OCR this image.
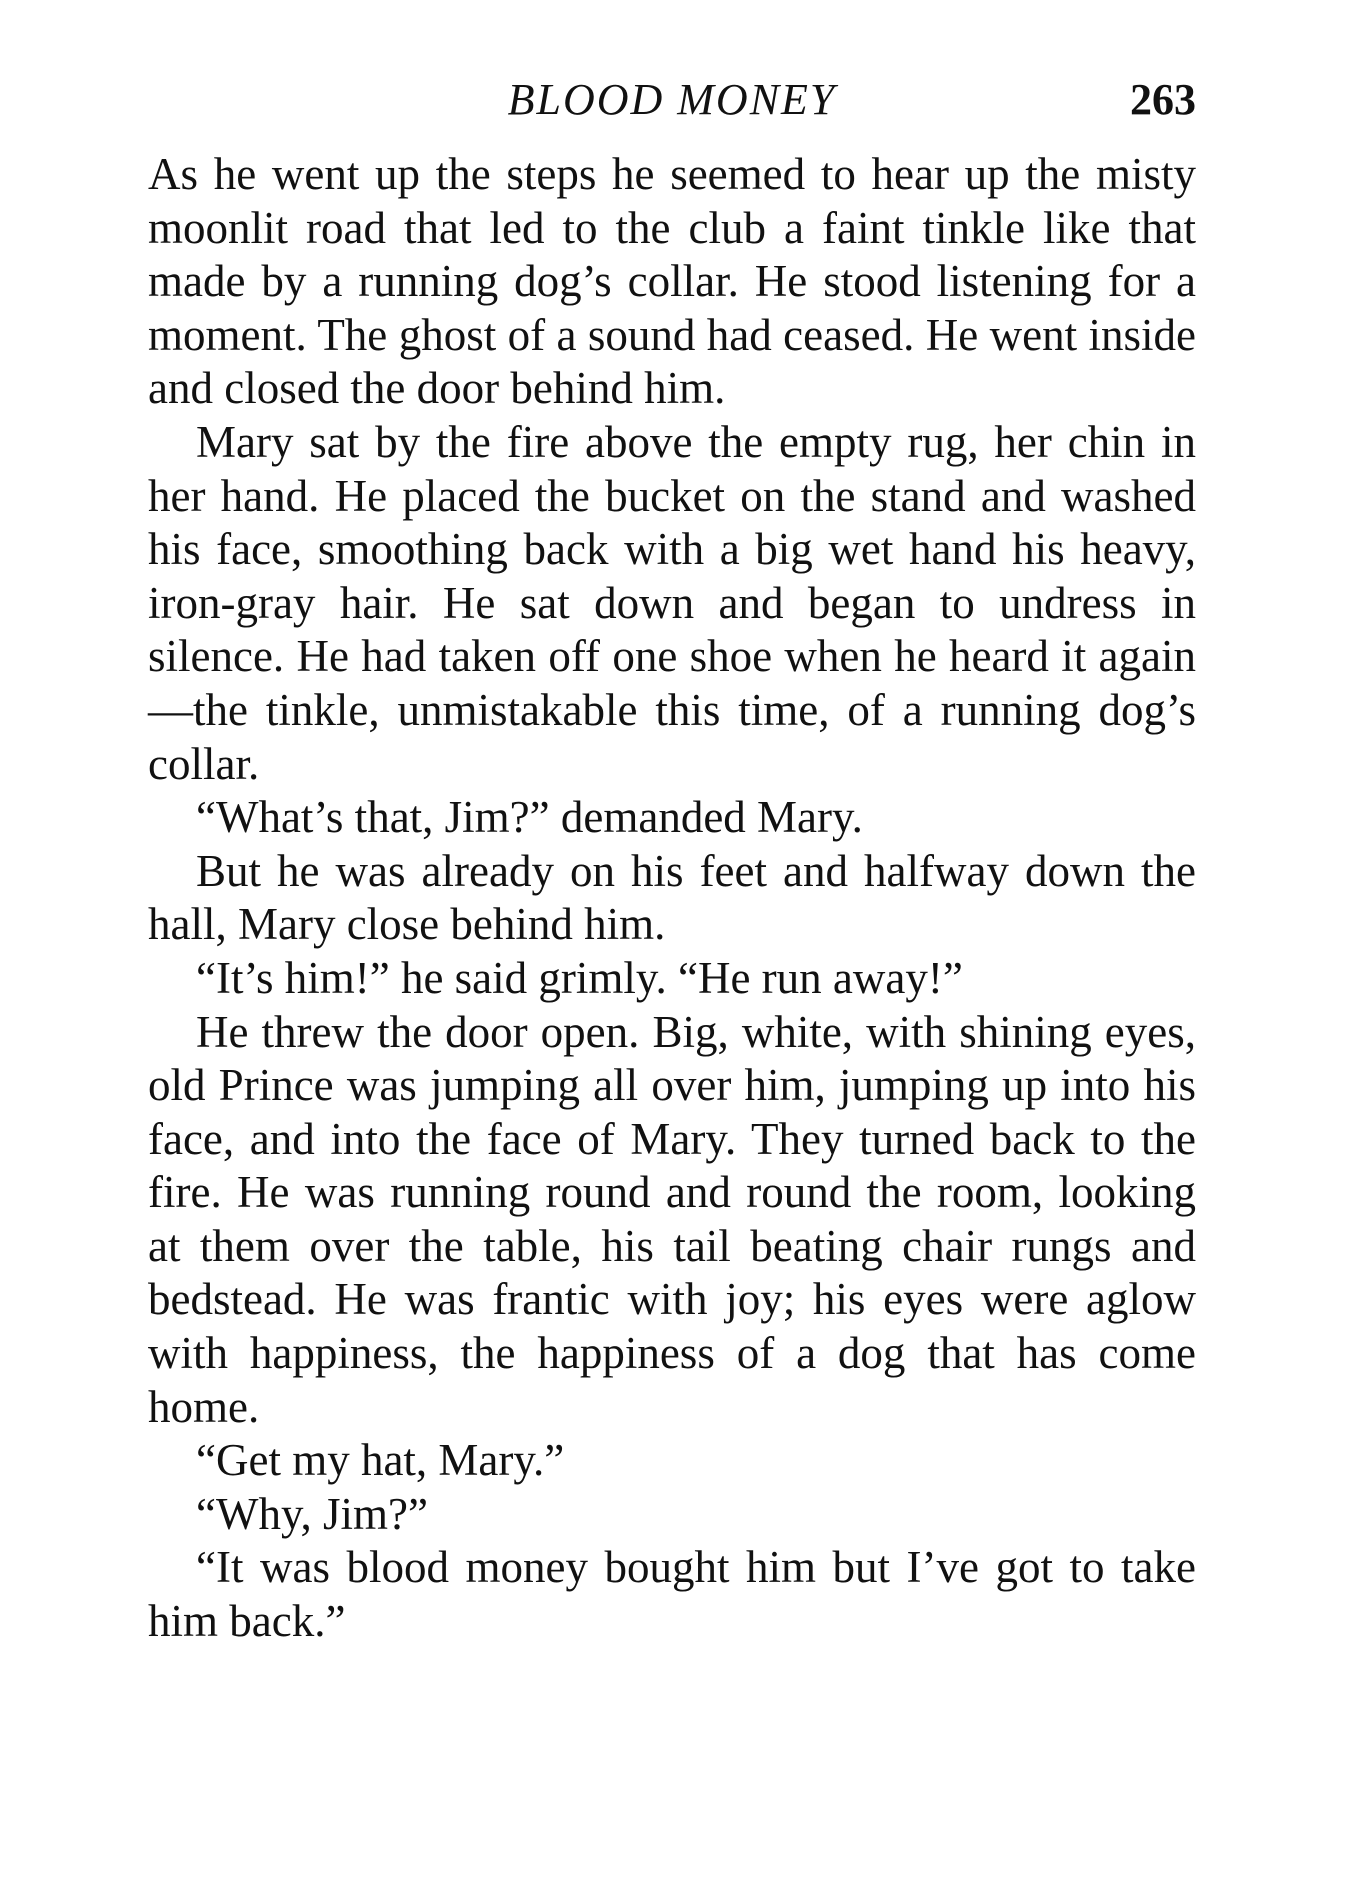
BLOOD MONEY	263

As he went up the steps he seemed to hear up the misty moonlit road that led to the club a faint tinkle like that made by a running dog’s collar. He stood listening for a moment. The ghost of a sound had ceased. He went inside and closed the door behind him.

Mary sat by the fire above the empty rug, her chin in her hand. He placed the bucket on the stand and washed his face, smoothing back with a big wet hand his heavy, iron-gray hair. He sat down and began to undress in silence. He had taken off one shoe when he heard it again—the tinkle, unmistakable this time, of a running dog’s collar.

“What’s that, Jim?” demanded Mary.

But he was already on his feet and halfway down the hall, Mary close behind him.

“It’s him!” he said grimly. “He run away!”

He threw the door open. Big, white, with shining eyes, old Prince was jumping all over him, jumping up into his face, and into the face of Mary. They turned back to the fire. He was running round and round the room, looking at them over the table, his tail beating chair rungs and bedstead. He was frantic with joy; his eyes were aglow with happiness, the happiness of a dog that has come home.

“Get my hat, Mary.”

“Why, Jim?”

“It was blood money bought him but I’ve got to take him back.”
